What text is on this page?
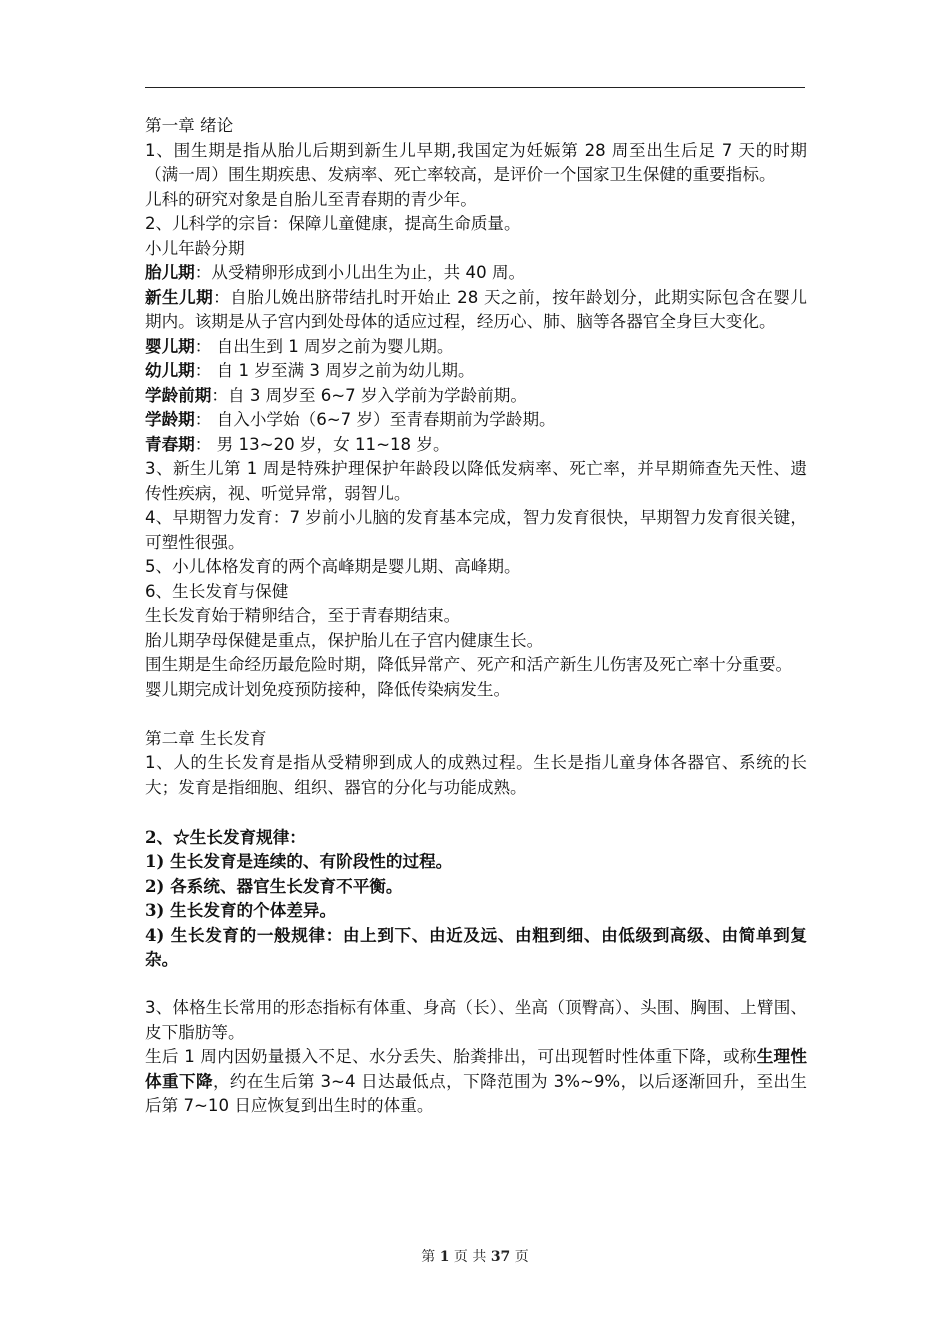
第一章 绪论

1、围生期是指从胎儿后期到新生儿早期,我国定为妊娠第 28 周至出生后足 7 天的时期（满一周）围生期疾患、发病率、死亡率较高，是评价一个国家卫生保健的重要指标。

儿科的研究对象是自胎儿至青春期的青少年。

2、儿科学的宗旨：保障儿童健康，提高生命质量。

小儿年龄分期

胎儿期：从受精卵形成到小儿出生为止，共 40 周。

新生儿期：自胎儿娩出脐带结扎时开始止 28 天之前，按年龄划分，此期实际包含在婴儿期内。该期是从子宫内到处母体的适应过程，经历心、肺、脑等各器官全身巨大变化。

婴儿期： 自出生到 1 周岁之前为婴儿期。

幼儿期： 自 1 岁至满 3 周岁之前为幼儿期。

学龄前期：自 3 周岁至 6~7 岁入学前为学龄前期。

学龄期： 自入小学始（6~7 岁）至青春期前为学龄期。

青春期： 男 13~20 岁，女 11~18 岁。

3、新生儿第 1 周是特殊护理保护年龄段以降低发病率、死亡率，并早期筛查先天性、遗传性疾病，视、听觉异常，弱智儿。

4、早期智力发育：7 岁前小儿脑的发育基本完成，智力发育很快，早期智力发育很关键，可塑性很强。

5、小儿体格发育的两个高峰期是婴儿期、高峰期。

6、生长发育与保健

生长发育始于精卵结合，至于青春期结束。

胎儿期孕母保健是重点，保护胎儿在子宫内健康生长。

围生期是生命经历最危险时期，降低异常产、死产和活产新生儿伤害及死亡率十分重要。

婴儿期完成计划免疫预防接种，降低传染病发生。

第二章 生长发育

1、人的生长发育是指从受精卵到成人的成熟过程。生长是指儿童身体各器官、系统的长大；发育是指细胞、组织、器官的分化与功能成熟。

2、☆生长发育规律：

1) 生长发育是连续的、有阶段性的过程。

2) 各系统、器官生长发育不平衡。

3) 生长发育的个体差异。

4) 生长发育的一般规律：由上到下、由近及远、由粗到细、由低级到高级、由简单到复杂。

3、体格生长常用的形态指标有体重、身高（长）、坐高（顶臀高）、头围、胸围、上臂围、皮下脂肪等。

生后 1 周内因奶量摄入不足、水分丢失、胎粪排出，可出现暂时性体重下降，或称生理性体重下降，约在生后第 3~4 日达最低点，下降范围为 3%~9%，以后逐渐回升，至出生后第 7~10 日应恢复到出生时的体重。

第 1 页 共 37 页
